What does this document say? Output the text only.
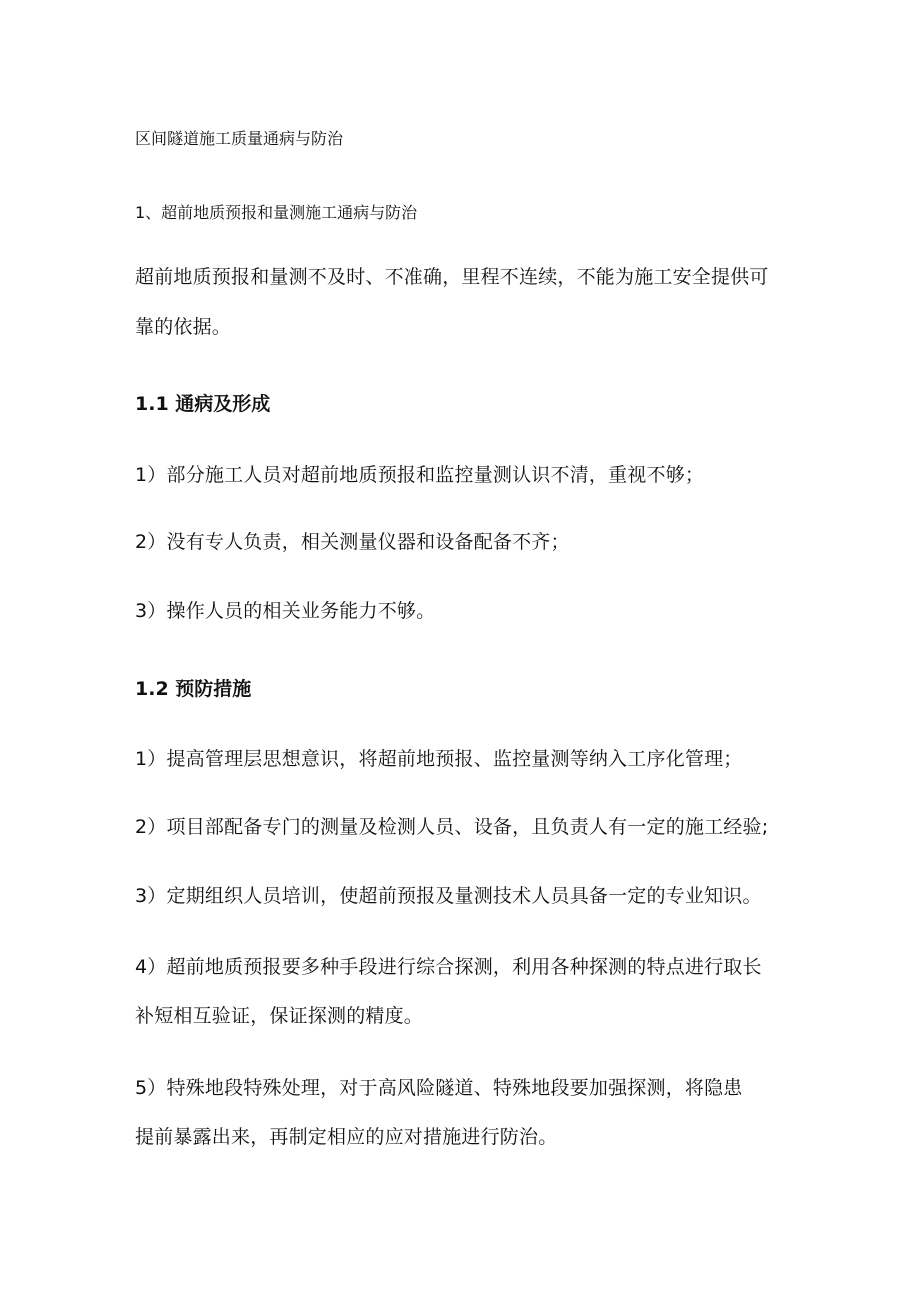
区间隧道施工质量通病与防治

1、超前地质预报和量测施工通病与防治

超前地质预报和量测不及时、不准确，里程不连续，不能为施工安全提供可

靠的依据。

1.1 通病及形成

1）部分施工人员对超前地质预报和监控量测认识不清，重视不够；

2）没有专人负责，相关测量仪器和设备配备不齐；

3）操作人员的相关业务能力不够。

1.2 预防措施

1）提高管理层思想意识，将超前地预报、监控量测等纳入工序化管理；

2）项目部配备专门的测量及检测人员、设备，且负责人有一定的施工经验;

3）定期组织人员培训，使超前预报及量测技术人员具备一定的专业知识。

4）超前地质预报要多种手段进行综合探测，利用各种探测的特点进行取长

补短相互验证，保证探测的精度。

5）特殊地段特殊处理，对于高风险隧道、特殊地段要加强探测，将隐患

提前暴露出来，再制定相应的应对措施进行防治。
